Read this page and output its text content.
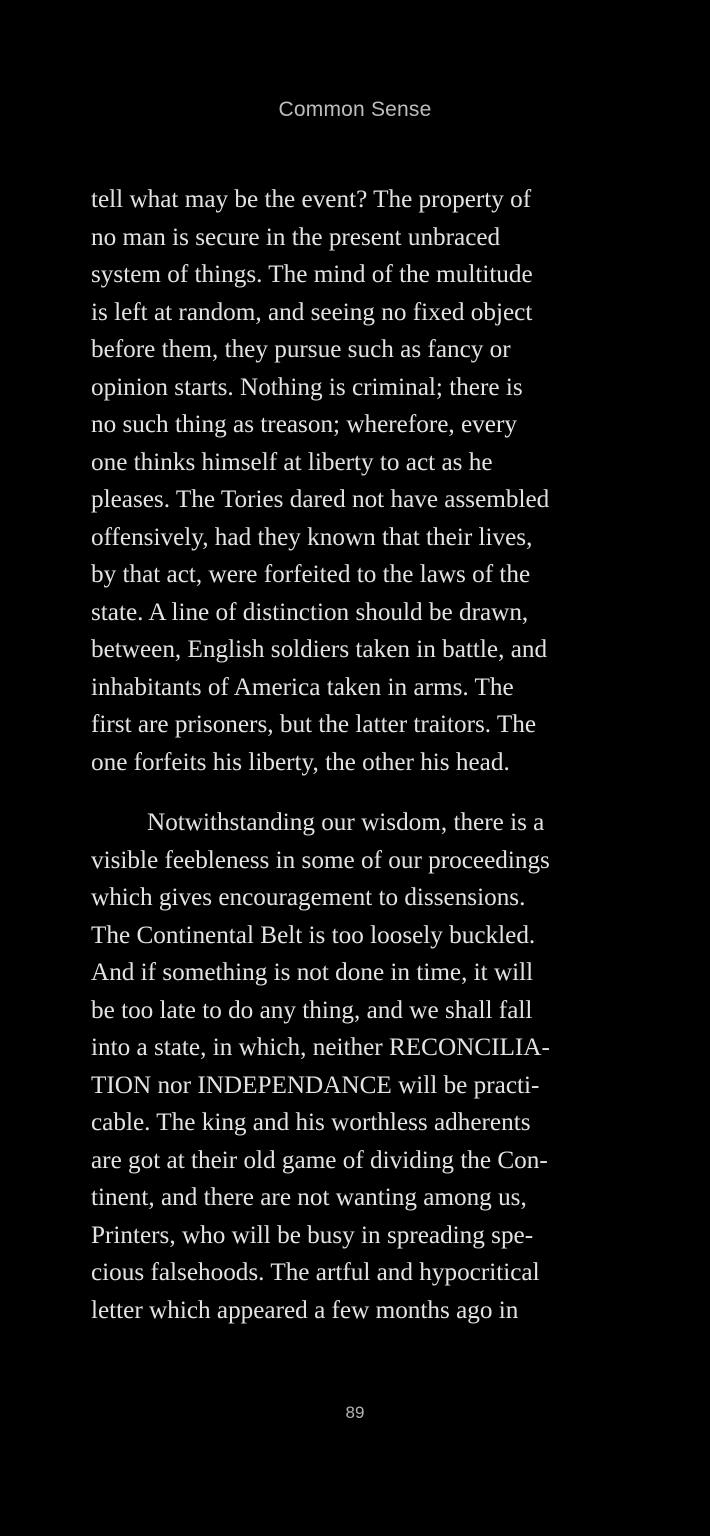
Common Sense
tell what may be the event? The property of
no man is secure in the present unbraced
system of things. The mind of the multitude
is left at random, and seeing no fixed object
before them, they pursue such as fancy or
opinion starts. Nothing is criminal; there is
no such thing as treason; wherefore, every
one thinks himself at liberty to act as he
pleases. The Tories dared not have assembled
offensively, had they known that their lives,
by that act, were forfeited to the laws of the
state. A line of distinction should be drawn,
between, English soldiers taken in battle, and
inhabitants of America taken in arms. The
first are prisoners, but the latter traitors. The
one forfeits his liberty, the other his head.
Notwithstanding our wisdom, there is a
visible feebleness in some of our proceedings
which gives encouragement to dissensions.
The Continental Belt is too loosely buckled.
And if something is not done in time, it will
be too late to do any thing, and we shall fall
into a state, in which, neither RECONCILIA-
TION nor INDEPENDANCE will be practi-
cable. The king and his worthless adherents
are got at their old game of dividing the Con-
tinent, and there are not wanting among us,
Printers, who will be busy in spreading spe-
cious falsehoods. The artful and hypocritical
letter which appeared a few months ago in
89
